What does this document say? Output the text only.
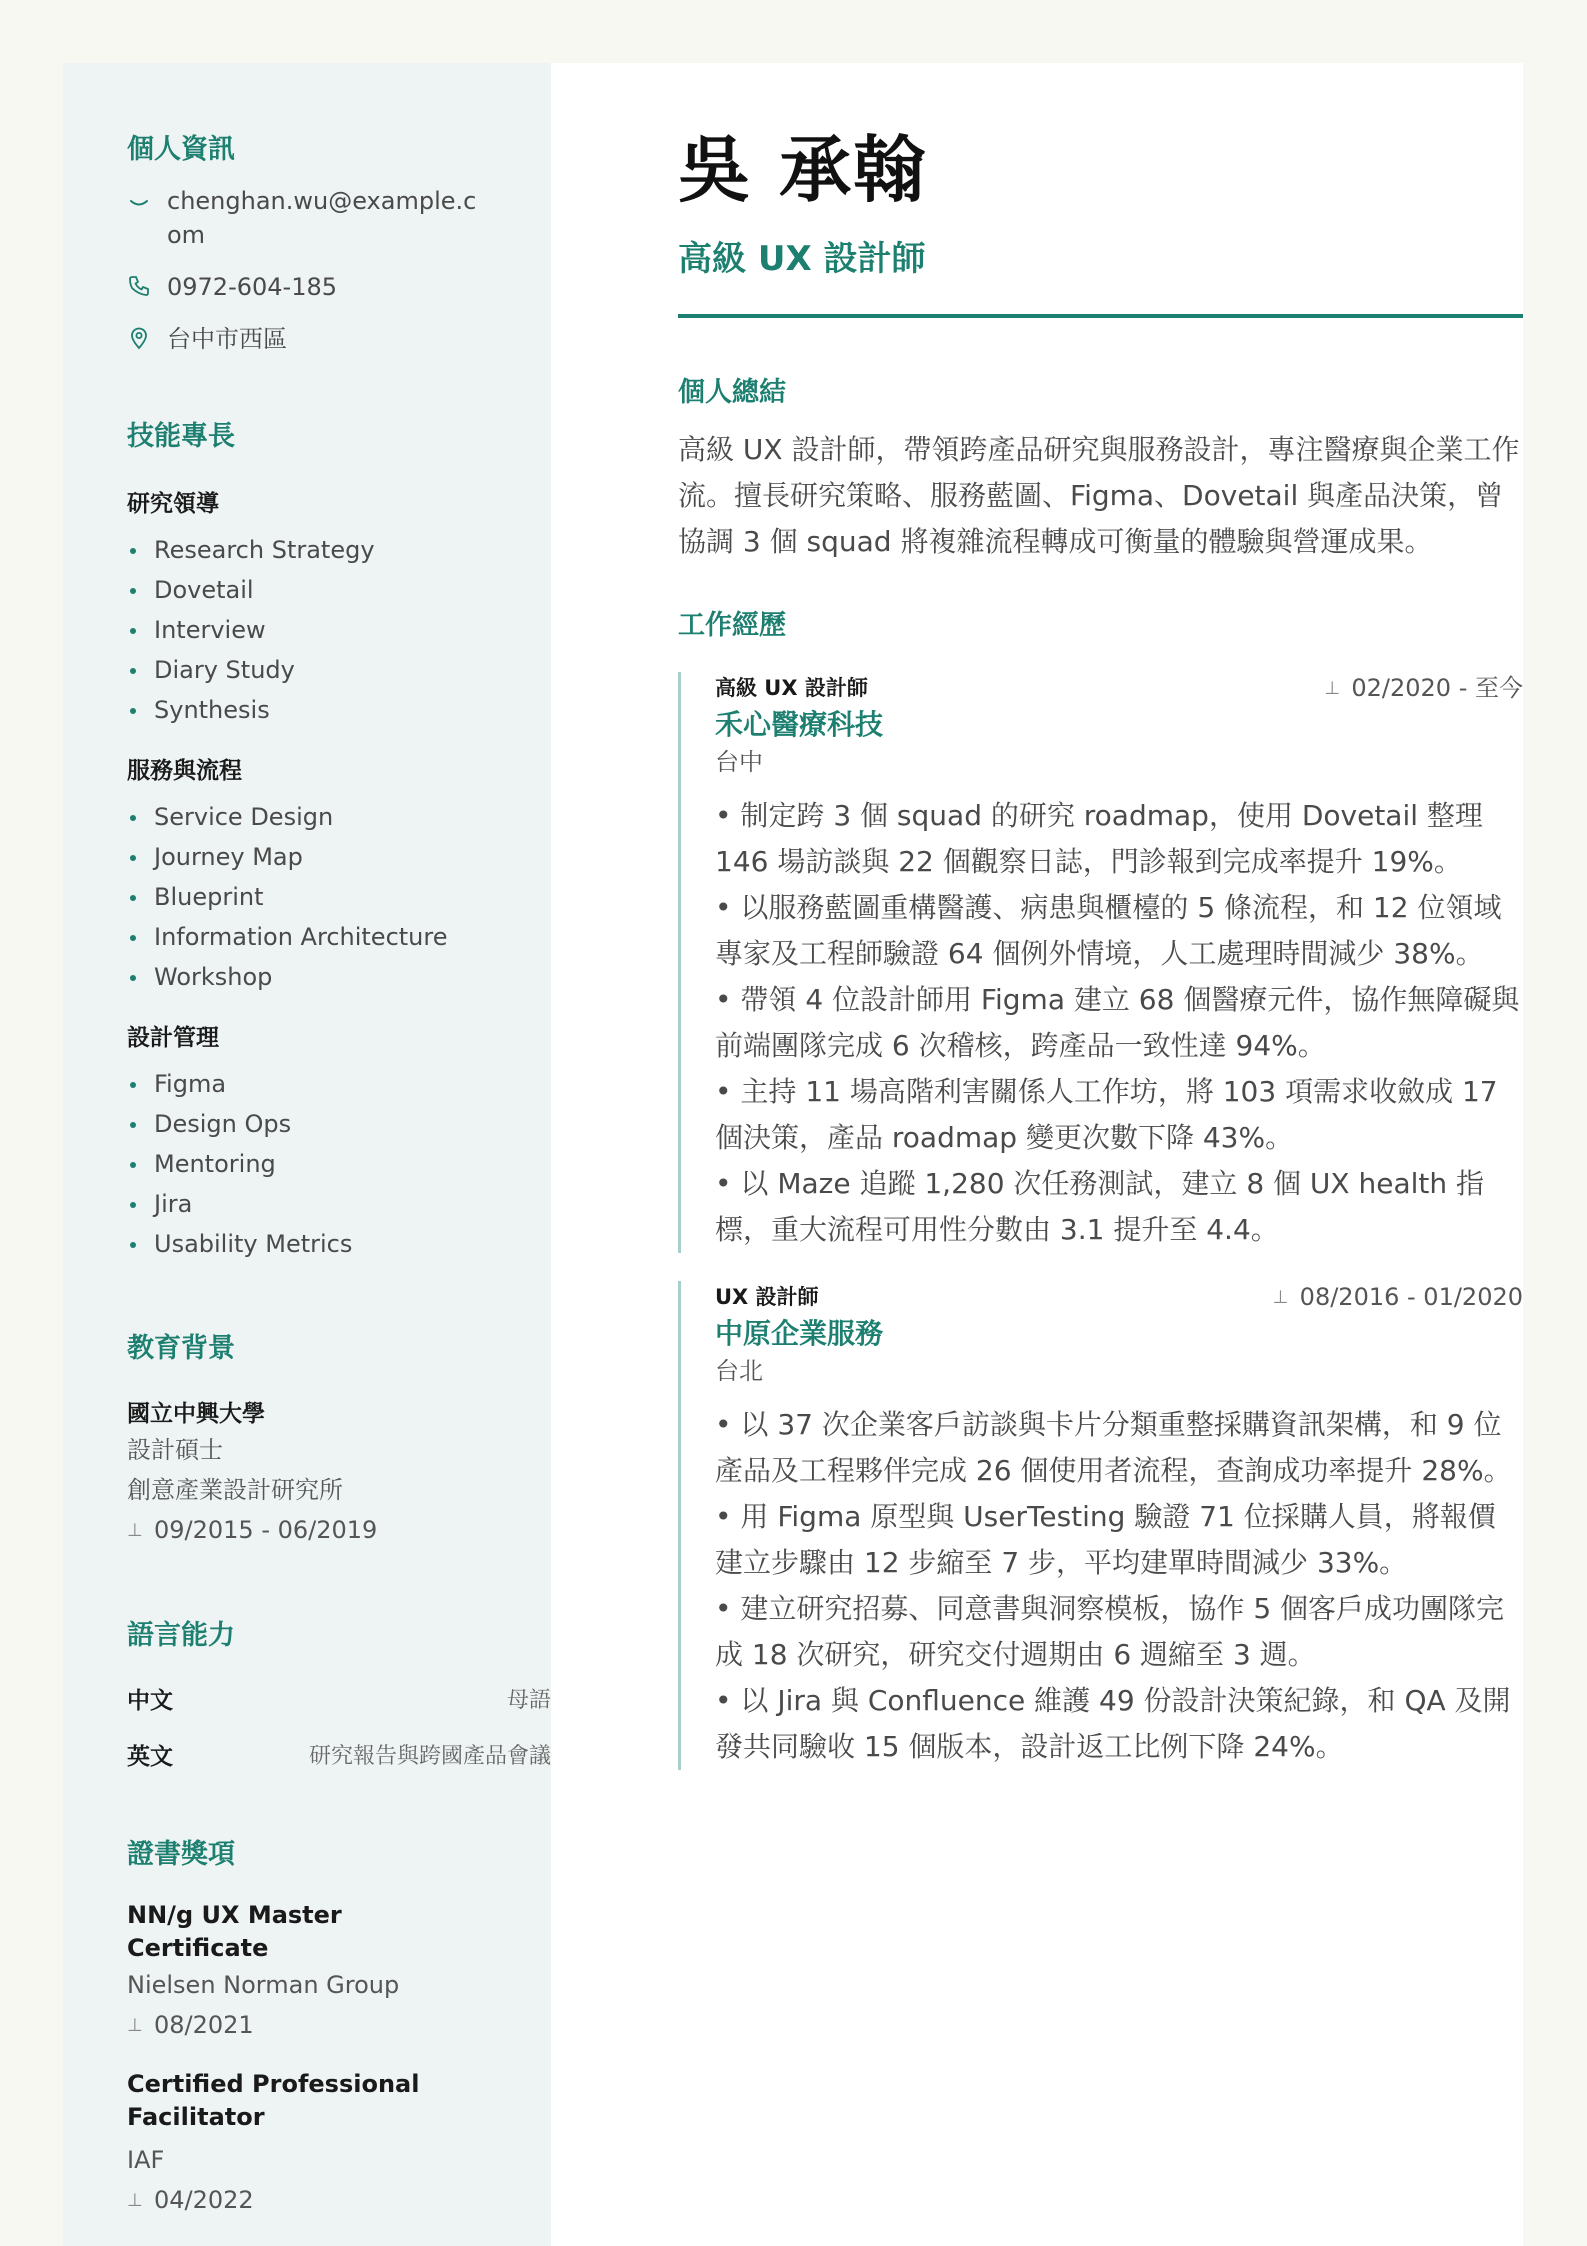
個人資訊
chenghan.wu@example.com
0972-604-185
台中市西區
技能專長
研究領導
Research Strategy
Dovetail
Interview
Diary Study
Synthesis
服務與流程
Service Design
Journey Map
Blueprint
Information Architecture
Workshop
設計管理
Figma
Design Ops
Mentoring
Jira
Usability Metrics
教育背景
國立中興大學
設計碩士
創意產業設計研究所
⊥ 09/2015 - 06/2019
語言能力
中文	母語
英文	研究報告與跨國產品會議
證書獎項
NN/g UX Master Certificate
Nielsen Norman Group
⊥ 08/2021
Certified Professional Facilitator
IAF
⊥ 04/2022
吳 承翰
高級 UX 設計師
個人總結
高級 UX 設計師，帶領跨產品研究與服務設計，專注醫療與企業工作流。擅長研究策略、服務藍圖、Figma、Dovetail 與產品決策，曾協調 3 個 squad 將複雜流程轉成可衡量的體驗與營運成果。
工作經歷
高級 UX 設計師	⊥ 02/2020 - 至今
禾心醫療科技
台中
• 制定跨 3 個 squad 的研究 roadmap，使用 Dovetail 整理 146 場訪談與 22 個觀察日誌，門診報到完成率提升 19%。
• 以服務藍圖重構醫護、病患與櫃檯的 5 條流程，和 12 位領域專家及工程師驗證 64 個例外情境，人工處理時間減少 38%。
• 帶領 4 位設計師用 Figma 建立 68 個醫療元件，協作無障礙與前端團隊完成 6 次稽核，跨產品一致性達 94%。
• 主持 11 場高階利害關係人工作坊，將 103 項需求收斂成 17 個決策，產品 roadmap 變更次數下降 43%。
• 以 Maze 追蹤 1,280 次任務測試，建立 8 個 UX health 指標，重大流程可用性分數由 3.1 提升至 4.4。
UX 設計師	⊥ 08/2016 - 01/2020
中原企業服務
台北
• 以 37 次企業客戶訪談與卡片分類重整採購資訊架構，和 9 位產品及工程夥伴完成 26 個使用者流程，查詢成功率提升 28%。
• 用 Figma 原型與 UserTesting 驗證 71 位採購人員，將報價建立步驟由 12 步縮至 7 步，平均建單時間減少 33%。
• 建立研究招募、同意書與洞察模板，協作 5 個客戶成功團隊完成 18 次研究，研究交付週期由 6 週縮至 3 週。
• 以 Jira 與 Confluence 維護 49 份設計決策紀錄，和 QA 及開發共同驗收 15 個版本，設計返工比例下降 24%。
